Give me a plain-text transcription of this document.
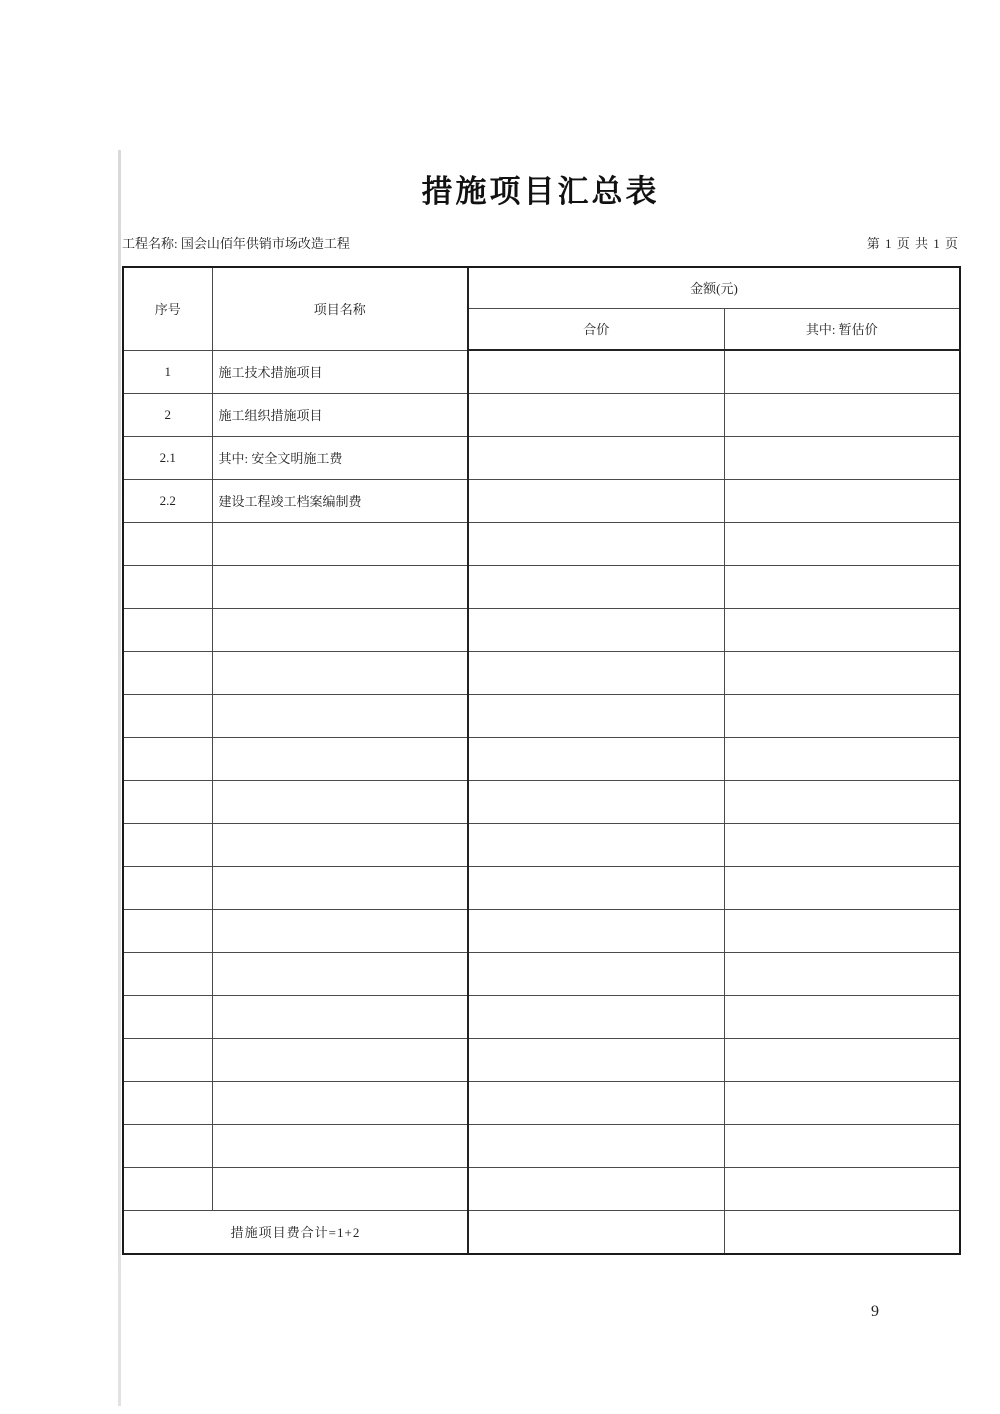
措施项目汇总表
工程名称: 国会山佰年供销市场改造工程	第 1 页 共 1 页
序号	项目名称	金额(元)	
		合价	其中: 暂估价
1	施工技术措施项目		
2	施工组织措施项目		
2.1	其中: 安全文明施工费		
2.2	建设工程竣工档案编制费		

措施项目费合计=1+2			
9
